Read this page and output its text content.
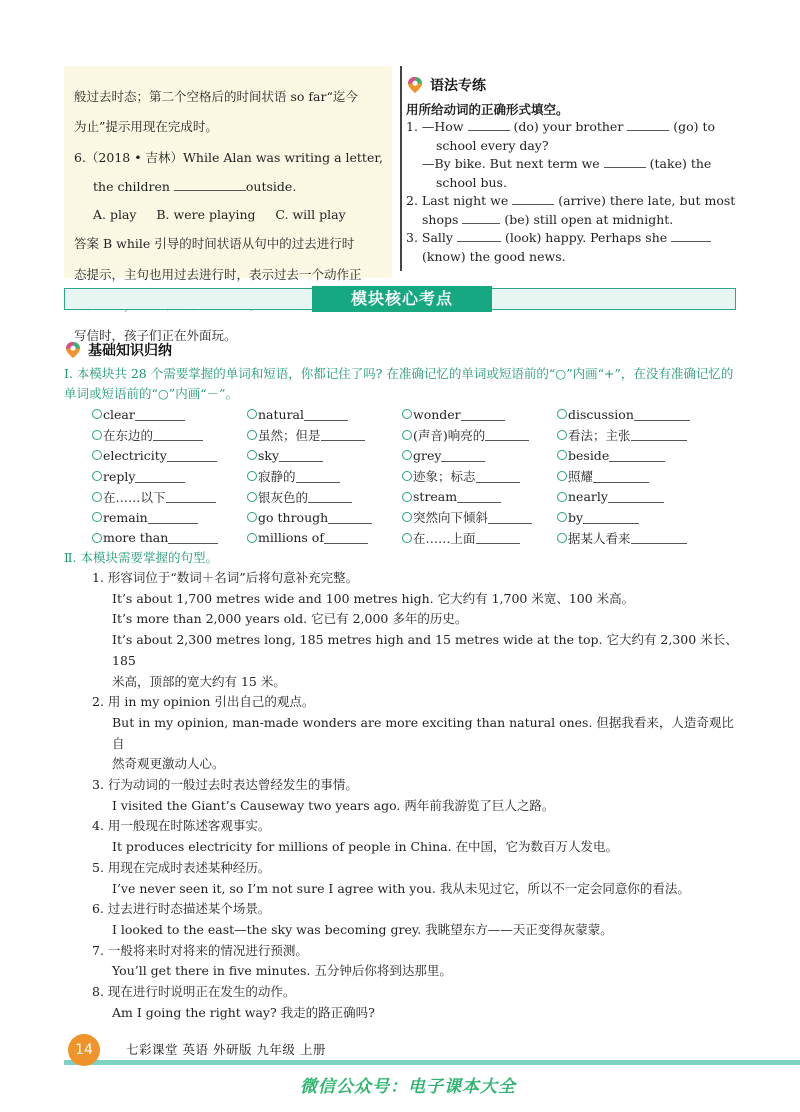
般过去时态；第二个空格后的时间状语 so far“迄今

为止”提示用现在完成时。

6.（2018 • 吉林）While Alan was writing a letter,

the children	outside.

A. play B. were playing C. will play

答案 B while 引导的时间状语从句中的过去进行时

态提示，主句也用过去进行时，表示过去一个动作正

写信时，孩子们正在外面玩。

语法专练
用所给动词的正确形式填空。

1. —How	(do) your brother	(go) to

school every day?

—By bike. But next term we	(take) the

school bus.

2. Last night we	(arrive) there late, but most

shops	(be) still open at midnight.

3. Sally	(look) happy. Perhaps she

(know) the good news.

模块核心考点
基础知识归纳
Ⅰ. 本模块共 28 个需要掌握的单词和短语，你都记住了吗? 在准确记忆的单词或短语前的“○”内画“+”，在没有准确记忆的单词或短语前的“○”内画“－”。
clear	natural	wonder	discussion
在东边的	虽然；但是	(声音)响亮的	看法；主张
electricity	sky	grey	beside
reply	寂静的	迹象；标志	照耀
在……以下	银灰色的	stream	nearly
remain	go through	突然向下倾斜	by
more than	millions of	在……上面	据某人看来
Ⅱ. 本模块需要掌握的句型。

1. 形容词位于“数词＋名词”后将句意补充完整。

It’s about 1,700 metres wide and 100 metres high. 它大约有 1,700 米宽、100 米高。

It’s more than 2,000 years old. 它已有 2,000 多年的历史。

It’s about 2,300 metres long, 185 metres high and 15 metres wide at the top. 它大约有 2,300 米长、185

米高，顶部的宽大约有 15 米。

2. 用 in my opinion 引出自己的观点。

But in my opinion, man-made wonders are more exciting than natural ones. 但据我看来，人造奇观比自

然奇观更激动人心。

3. 行为动词的一般过去时表达曾经发生的事情。

I visited the Giant’s Causeway two years ago. 两年前我游览了巨人之路。

4. 用一般现在时陈述客观事实。

It produces electricity for millions of people in China. 在中国，它为数百万人发电。

5. 用现在完成时表述某种经历。

I’ve never seen it, so I’m not sure I agree with you. 我从未见过它，所以不一定会同意你的看法。

6. 过去进行时态描述某个场景。

I looked to the east—the sky was becoming grey. 我眺望东方——天正变得灰蒙蒙。

7. 一般将来时对将来的情况进行预测。

You’ll get there in five minutes. 五分钟后你将到达那里。

8. 现在进行时说明正在发生的动作。

Am I going the right way? 我走的路正确吗?

14	七彩课堂 英语 外研版 九年级 上册
微信公众号：电子课本大全
